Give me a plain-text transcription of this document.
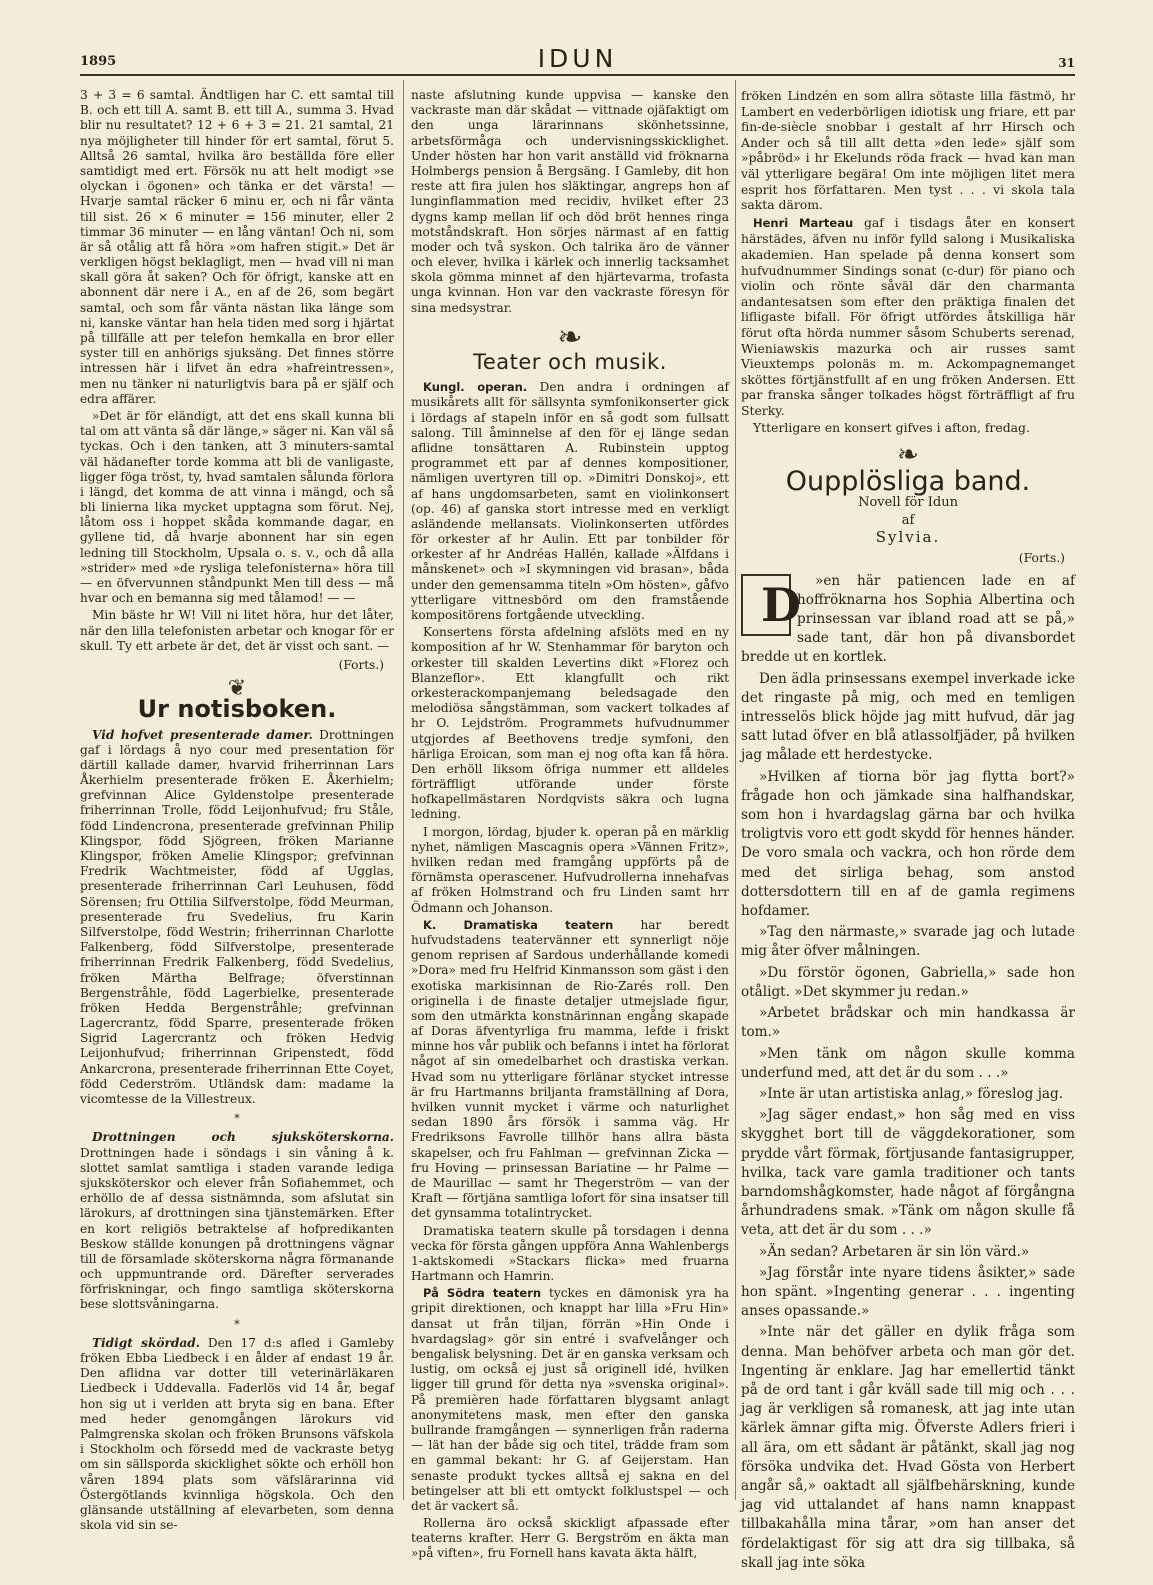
1895	IDUN	31

3 + 3 = 6 samtal. Ändtligen har C. ett samtal till B. och ett till A. samt B. ett till A., summa 3. Hvad blir nu resultatet? 12 + 6 + 3 = 21. 21 samtal, 21 nya möjligheter till hinder för ert samtal, förut 5. Alltså 26 samtal, hvilka äro beställda före eller samtidigt med ert. Försök nu att helt modigt »se olyckan i ögonen» och tänka er det värsta! — Hvarje samtal räcker 6 minu er, och ni får vänta till sist. 26 × 6 minuter = 156 minuter, eller 2 timmar 36 minuter — en lång väntan! Och ni, som är så otålig att få höra »om hafren stigit.» Det är verkligen högst beklagligt, men — hvad vill ni man skall göra åt saken? Och för öfrigt, kanske att en abonnent där nere i A., en af de 26, som begärt samtal, och som får vänta nästan lika länge som ni, kanske väntar han hela tiden med sorg i hjärtat på tillfälle att per telefon hemkalla en bror eller syster till en anhörigs sjuksäng. Det finnes större intressen här i lifvet än edra »hafreintressen», men nu tänker ni naturligtvis bara på er själf och edra affärer.

»Det är för eländigt, att det ens skall kunna bli tal om att vänta så där länge,» säger ni. Kan väl så tyckas. Och i den tanken, att 3 minuters-samtal väl hädanefter torde komma att bli de vanligaste, ligger föga tröst, ty, hvad samtalen sålunda förlora i längd, det komma de att vinna i mängd, och så bli linierna lika mycket upptagna som förut. Nej, låtom oss i hoppet skåda kommande dagar, en gyllene tid, då hvarje abonnent har sin egen ledning till Stockholm, Upsala o. s. v., och då alla »strider» med »de rysliga telefonisterna» höra till — en öfvervunnen ståndpunkt Men till dess — må hvar och en bemanna sig med tålamod! — —

Min bäste hr W! Vill ni litet höra, hur det låter, när den lilla telefonisten arbetar och knogar för er skull. Ty ett arbete är det, det är visst och sant. —

(Forts.)
❦
Ur notisboken.

Vid hofvet presenterade damer. Drottningen gaf i lördags å nyo cour med presentation för därtill kallade damer, hvarvid friherrinnan Lars Åkerhielm presenterade fröken E. Åkerhielm; grefvinnan Alice Gyldenstolpe presenterade friherrinnan Trolle, född Leijonhufvud; fru Ståle, född Lindencrona, presenterade grefvinnan Philip Klingspor, född Sjögreen, fröken Marianne Klingspor, fröken Amelie Klingspor; grefvinnan Fredrik Wachtmeister, född af Ugglas, presenterade friherrinnan Carl Leuhusen, född Sörensen; fru Ottilia Silfverstolpe, född Meurman, presenterade fru Svedelius, fru Karin Silfverstolpe, född Westrin; friherrinnan Charlotte Falkenberg, född Silfverstolpe, presenterade friherrinnan Fredrik Falkenberg, född Svedelius, fröken Märtha Belfrage; öfverstinnan Bergenstråhle, född Lagerbielke, presenterade fröken Hedda Bergenstråhle; grefvinnan Lagercrantz, född Sparre, presenterade fröken Sigrid Lagercrantz och fröken Hedvig Leijonhufvud; friherrinnan Gripenstedt, född Ankarcrona, presenterade friherrinnan Ette Coyet, född Cederström. Utländsk dam: madame la vicomtesse de la Villestreux.

*

Drottningen och sjuksköterskorna. Drottningen hade i söndags i sin våning å k. slottet samlat samtliga i staden varande lediga sjuksköterskor och elever från Sofiahemmet, och erhöllo de af dessa sistnämnda, som afslutat sin lärokurs, af drottningen sina tjänstemärken. Efter en kort religiös betraktelse af hofpredikanten Beskow ställde konungen på drottningens vägnar till de församlade sköterskorna några förmanande och uppmuntrande ord. Därefter serverades förfriskningar, och fingo samtliga sköterskorna bese slottsvåningarna.

*

Tidigt skördad. Den 17 d:s afled i Gamleby fröken Ebba Liedbeck i en ålder af endast 19 år. Den aflidna var dotter till veterinärläkaren Liedbeck i Uddevalla. Faderlös vid 14 år, begaf hon sig ut i verlden att bryta sig en bana. Efter med heder genomgången lärokurs vid Palmgrenska skolan och fröken Brunsons väfskola i Stockholm och försedd med de vackraste betyg om sin sällsporda skicklighet sökte och erhöll hon våren 1894 plats som väfslärarinna vid Östergötlands kvinnliga högskola. Och den glänsande utställning af elevarbeten, som denna skola vid sin se-

naste afslutning kunde uppvisa — kanske den vackraste man där skådat — vittnade ojäfaktigt om den unga lärarinnans skönhetssinne, arbetsförmåga och undervisningsskicklighet. Under hösten har hon varit anställd vid fröknarna Holmbergs pension å Bergsäng. I Gamleby, dit hon reste att fira julen hos släktingar, angreps hon af lunginflammation med recidiv, hvilket efter 23 dygns kamp mellan lif och död bröt hennes ringa motståndskraft. Hon sörjes närmast af en fattig moder och två syskon. Och talrika äro de vänner och elever, hvilka i kärlek och innerlig tacksamhet skola gömma minnet af den hjärtevarma, trofasta unga kvinnan. Hon var den vackraste föresyn för sina medsystrar.

❧
Teater och musik.

Kungl. operan. Den andra i ordningen af musikårets allt för sällsynta symfonikonserter gick i lördags af stapeln inför en så godt som fullsatt salong. Till åminnelse af den för ej länge sedan aflidne tonsättaren A. Rubinstein upptog programmet ett par af dennes kompositioner, nämligen uvertyren till op. »Dimitri Donskoj», ett af hans ungdomsarbeten, samt en violinkonsert (op. 46) af ganska stort intresse med en verkligt asländende mellansats. Violinkonserten utfördes för orkester af hr Aulin. Ett par tonbilder för orkester af hr Andréas Hallén, kallade »Älfdans i månskenet» och »I skymningen vid brasan», båda under den gemensamma titeln »Om hösten», gåfvo ytterligare vittnesbörd om den framstående kompositörens fortgående utveckling.

Konsertens första afdelning afslöts med en ny komposition af hr W. Stenhammar för baryton och orkester till skalden Levertins dikt »Florez och Blanzeflor». Ett klangfullt och rikt orkesterackompanjemang beledsagade den melodiösa sångstämman, som vackert tolkades af hr O. Lejdström. Programmets hufvudnummer utgjordes af Beethovens tredje symfoni, den härliga Eroican, som man ej nog ofta kan få höra. Den erhöll liksom öfriga nummer ett alldeles förträffligt utförande under förste hofkapellmästaren Nordqvists säkra och lugna ledning.

I morgon, lördag, bjuder k. operan på en märklig nyhet, nämligen Mascagnis opera »Vännen Fritz», hvilken redan med framgång uppförts på de förnämsta operascener. Hufvudrollerna innehafvas af fröken Holmstrand och fru Linden samt hrr Ödmann och Johanson.

K. Dramatiska teatern har beredt hufvudstadens teatervänner ett synnerligt nöje genom reprisen af Sardous underhållande komedi »Dora» med fru Helfrid Kinmansson som gäst i den exotiska markisinnan de Rio-Zarés roll. Den originella i de finaste detaljer utmejslade figur, som den utmärkta konstnärinnan engång skapade af Doras äfventyrliga fru mamma, lefde i friskt minne hos vår publik och befanns i intet ha förlorat något af sin omedelbarhet och drastiska verkan. Hvad som nu ytterligare förlänar stycket intresse är fru Hartmanns briljanta framställning af Dora, hvilken vunnit mycket i värme och naturlighet sedan 1890 års försök i samma väg. Hr Fredriksons Favrolle tillhör hans allra bästa skapelser, och fru Fahlman — grefvinnan Zicka — fru Hoving — prinsessan Bariatine — hr Palme — de Maurillac — samt hr Thegerström — van der Kraft — förtjäna samtliga lofort för sina insatser till det gynsamma totalintrycket.

Dramatiska teatern skulle på torsdagen i denna vecka för första gången uppföra Anna Wahlenbergs 1-aktskomedi »Stackars flicka» med fruarna Hartmann och Hamrin.

På Södra teatern tyckes en dämonisk yra ha gripit direktionen, och knappt har lilla »Fru Hin» dansat ut från tiljan, förrän »Hin Onde i hvardagslag» gör sin entré i svafvelånger och bengalisk belysning. Det är en ganska verksam och lustig, om också ej just så originell idé, hvilken ligger till grund för detta nya »svenska original». På premièren hade författaren blygsamt anlagt anonymitetens mask, men efter den ganska bullrande framgången — synnerligen från raderna — lät han der både sig och titel, trädde fram som en gammal bekant: hr G. af Geijerstam. Han senaste produkt tyckes alltså ej sakna en del betingelser att bli ett omtyckt folklustspel — och det är vackert så.

Rollerna äro också skickligt afpassade efter teaterns krafter. Herr G. Bergström en äkta man »på viften», fru Fornell hans kavata äkta hälft,

fröken Lindzén en som allra sötaste lilla fästmö, hr Lambert en vederbörligen idiotisk ung friare, ett par fin-de-siècle snobbar i gestalt af hrr Hirsch och Ander och så till allt detta »den lede» själf som »påbröd» i hr Ekelunds röda frack — hvad kan man väl ytterligare begära! Om inte möjligen litet mera esprit hos författaren. Men tyst . . . vi skola tala sakta därom.

Henri Marteau gaf i tisdags åter en konsert härstädes, äfven nu inför fylld salong i Musikaliska akademien. Han spelade på denna konsert som hufvudnummer Sindings sonat (c-dur) för piano och violin och rönte såväl där den charmanta andantesatsen som efter den präktiga finalen det lifligaste bifall. För öfrigt utfördes åtskilliga här förut ofta hörda nummer såsom Schuberts serenad, Wieniawskis mazurka och air russes samt Vieuxtemps polonäs m. m. Ackompagnemanget sköttes förtjänstfullt af en ung fröken Andersen. Ett par franska sånger tolkades högst förträffligt af fru Sterky.

Ytterligare en konsert gifves i afton, fredag.

❧
Oupplösliga band.
Novell för Idun
af
Sylvia.
(Forts.)

»
D en här patiencen lade en af hoffröknarna hos Sophia Albertina och prinsessan var ibland road att se på,» sade tant, där hon på divansbordet bredde ut en kortlek.

Den ädla prinsessans exempel inverkade icke det ringaste på mig, och med en temligen intresselös blick höjde jag mitt hufvud, där jag satt lutad öfver en blå atlassolfjäder, på hvilken jag målade ett herdestycke.

»Hvilken af tiorna bör jag flytta bort?» frågade hon och jämkade sina halfhandskar, som hon i hvardagslag gärna bar och hvilka troligtvis voro ett godt skydd för hennes händer. De voro smala och vackra, och hon rörde dem med det sirliga behag, som anstod dottersdottern till en af de gamla regimens hofdamer.

»Tag den närmaste,» svarade jag och lutade mig åter öfver målningen.

»Du förstör ögonen, Gabriella,» sade hon otåligt. »Det skymmer ju redan.»

»Arbetet brådskar och min handkassa är tom.»

»Men tänk om någon skulle komma underfund med, att det är du som . . .»

»Inte är utan artistiska anlag,» föreslog jag.

»Jag säger endast,» hon såg med en viss skygghet bort till de väggdekorationer, som prydde vårt förmak, förtjusande fantasigrupper, hvilka, tack vare gamla traditioner och tants barndomshågkomster, hade något af förgångna århundradens smak. »Tänk om någon skulle få veta, att det är du som . . .»

»Än sedan? Arbetaren är sin lön värd.»

»Jag förstår inte nyare tidens åsikter,» sade hon spänt. »Ingenting generar . . . ingenting anses opassande.»

»Inte när det gäller en dylik fråga som denna. Man behöfver arbeta och man gör det. Ingenting är enklare. Jag har emellertid tänkt på de ord tant i går kväll sade till mig och . . . jag är verkligen så romanesk, att jag inte utan kärlek ämnar gifta mig. Öfverste Adlers frieri i all ära, om ett sådant är påtänkt, skall jag nog försöka undvika det. Hvad Gösta von Herbert angår så,» oaktadt all själfbehärskning, kunde jag vid uttalandet af hans namn knappast tillbakahålla mina tårar, »om han anser det fördelaktigast för sig att dra sig tillbaka, så skall jag inte söka
